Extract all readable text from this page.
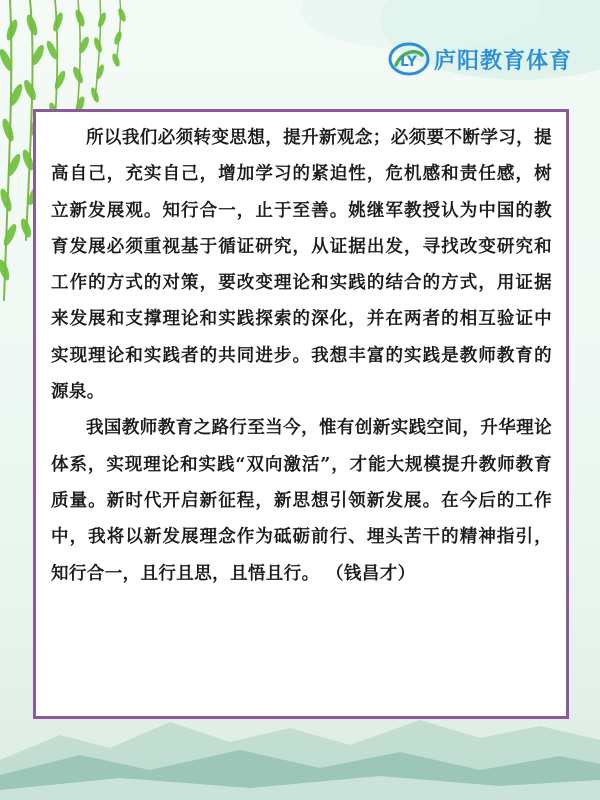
LY 庐阳教育体育

所以我们必须转变思想，提升新观念；必须要不断学习，提高自己，充实自己，增加学习的紧迫性，危机感和责任感，树立新发展观。知行合一，止于至善。姚继军教授认为中国的教育发展必须重视基于循证研究，从证据出发，寻找改变研究和工作的方式的对策，要改变理论和实践的结合的方式，用证据来发展和支撑理论和实践探索的深化，并在两者的相互验证中实现理论和实践者的共同进步。我想丰富的实践是教师教育的源泉。

我国教师教育之路行至当今，惟有创新实践空间，升华理论体系，实现理论和实践“双向激活”，才能大规模提升教师教育质量。新时代开启新征程，新思想引领新发展。在今后的工作中，我将以新发展理念作为砥砺前行、埋头苦干的精神指引，知行合一，且行且思，且悟且行。 （钱昌才）
